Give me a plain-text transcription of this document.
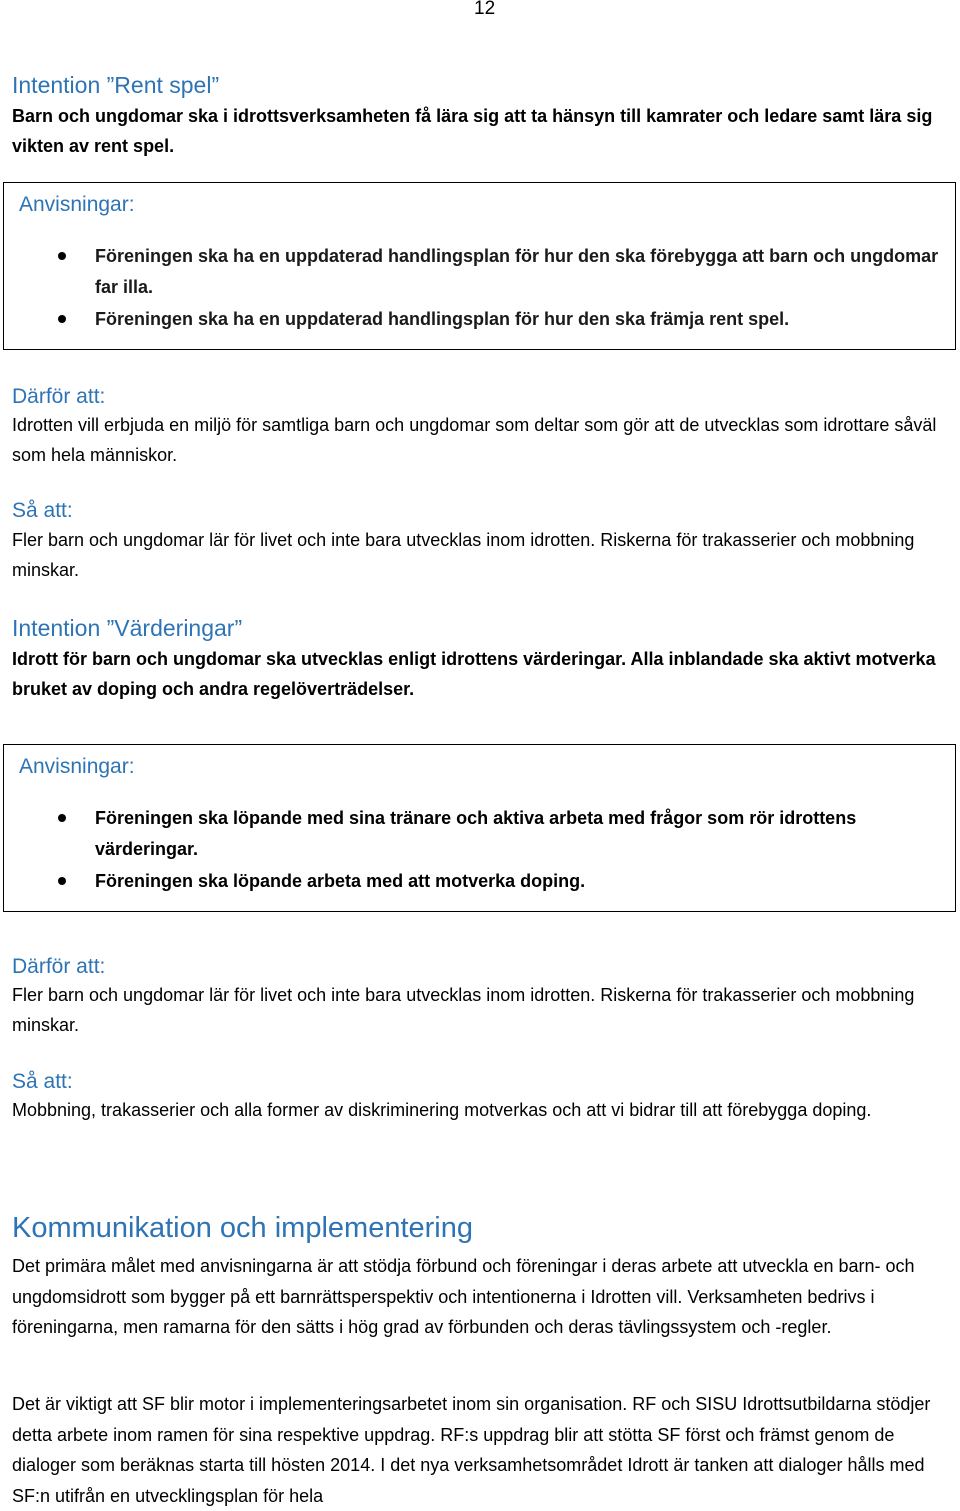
12
Intention ”Rent spel”
Barn och ungdomar ska i idrottsverksamheten få lära sig att ta hänsyn till kamrater och ledare samt lära sig vikten av rent spel.
Anvisningar:
Föreningen ska ha en uppdaterad handlingsplan för hur den ska förebygga att barn och ungdomar far illa.
Föreningen ska ha en uppdaterad handlingsplan för hur den ska främja rent spel.
Därför att:
Idrotten vill erbjuda en miljö för samtliga barn och ungdomar som deltar som gör att de utvecklas som idrottare såväl som hela människor.
Så att:
Fler barn och ungdomar lär för livet och inte bara utvecklas inom idrotten. Riskerna för trakasserier och mobbning minskar.
Intention ”Värderingar”
Idrott för barn och ungdomar ska utvecklas enligt idrottens värderingar. Alla inblandade ska aktivt motverka bruket av doping och andra regelöverträdelser.
Anvisningar:
Föreningen ska löpande med sina tränare och aktiva arbeta med frågor som rör idrottens värderingar.
Föreningen ska löpande arbeta med att motverka doping.
Därför att:
Fler barn och ungdomar lär för livet och inte bara utvecklas inom idrotten. Riskerna för trakasserier och mobbning minskar.
Så att:
Mobbning, trakasserier och alla former av diskriminering motverkas och att vi bidrar till att förebygga doping.
Kommunikation och implementering
Det primära målet med anvisningarna är att stödja förbund och föreningar i deras arbete att utveckla en barn- och ungdomsidrott som bygger på ett barnrättsperspektiv och intentionerna i Idrotten vill. Verksamheten bedrivs i föreningarna, men ramarna för den sätts i hög grad av förbunden och deras tävlingssystem och -regler.
Det är viktigt att SF blir motor i implementeringsarbetet inom sin organisation. RF och SISU Idrottsutbildarna stödjer detta arbete inom ramen för sina respektive uppdrag. RF:s uppdrag blir att stötta SF först och främst genom de dialoger som beräknas starta till hösten 2014. I det nya verksamhetsområdet Idrott är tanken att dialoger hålls med SF:n utifrån en utvecklingsplan för hela
